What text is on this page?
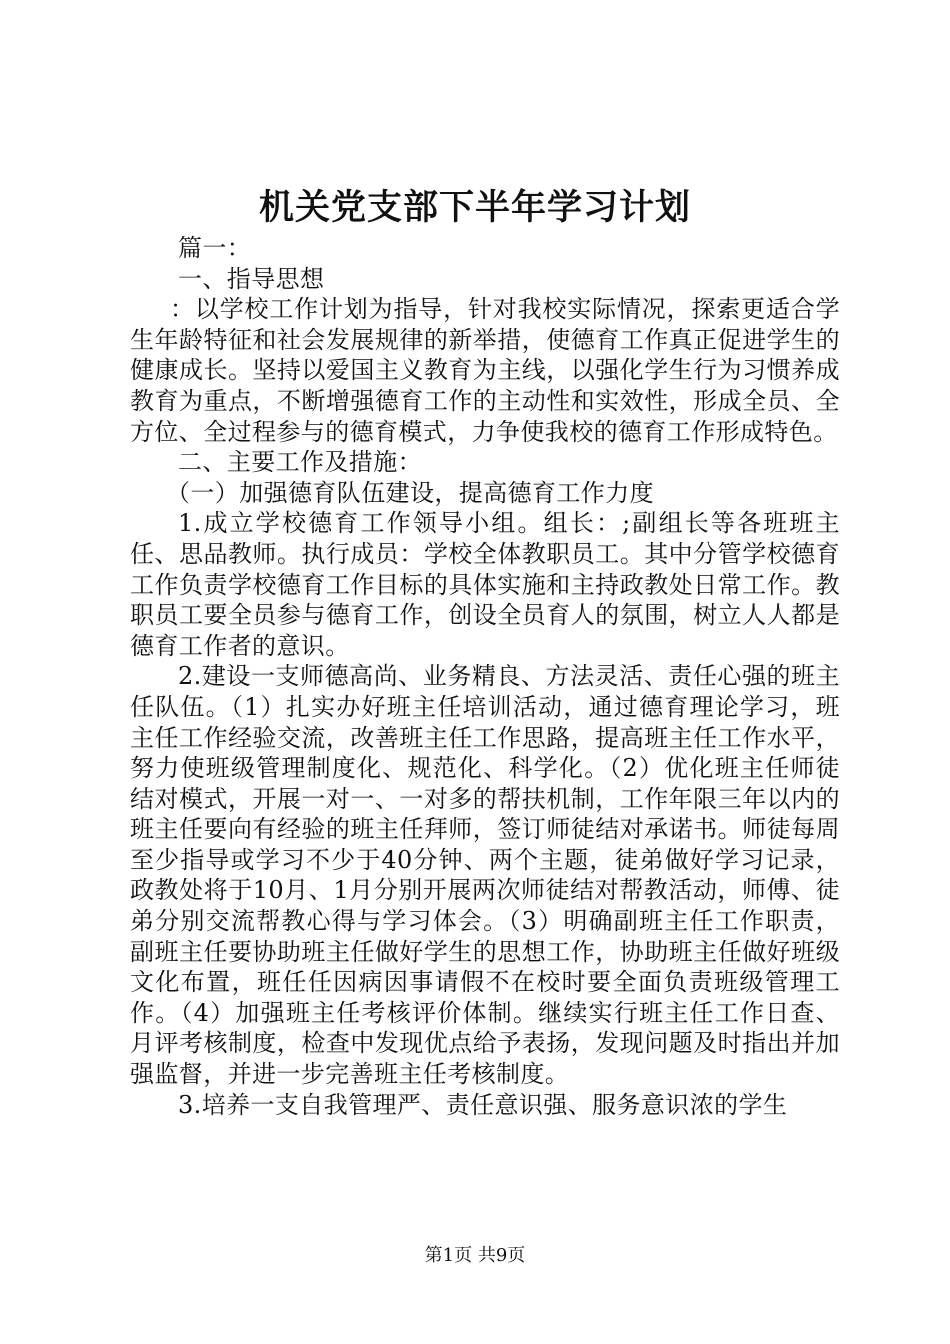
机关党支部下半年学习计划

篇一：

一、指导思想

：以学校工作计划为指导，针对我校实际情况，探索更适合学生年龄特征和社会发展规律的新举措，使德育工作真正促进学生的健康成长。坚持以爱国主义教育为主线，以强化学生行为习惯养成教育为重点，不断增强德育工作的主动性和实效性，形成全员、全方位、全过程参与的德育模式，力争使我校的德育工作形成特色。

二、主要工作及措施：

（一）加强德育队伍建设，提高德育工作力度

1.成立学校德育工作领导小组。组长：;副组长等各班班主任、思品教师。执行成员：学校全体教职员工。其中分管学校德育工作负责学校德育工作目标的具体实施和主持政教处日常工作。教职员工要全员参与德育工作，创设全员育人的氛围，树立人人都是德育工作者的意识。

2.建设一支师德高尚、业务精良、方法灵活、责任心强的班主任队伍。（1）扎实办好班主任培训活动，通过德育理论学习，班主任工作经验交流，改善班主任工作思路，提高班主任工作水平，努力使班级管理制度化、规范化、科学化。（2）优化班主任师徒结对模式，开展一对一、一对多的帮扶机制，工作年限三年以内的班主任要向有经验的班主任拜师，签订师徒结对承诺书。师徒每周至少指导或学习不少于40分钟、两个主题，徒弟做好学习记录，政教处将于10月、1月分别开展两次师徒结对帮教活动，师傅、徒弟分别交流帮教心得与学习体会。（3）明确副班主任工作职责，副班主任要协助班主任做好学生的思想工作，协助班主任做好班级文化布置，班任任因病因事请假不在校时要全面负责班级管理工作。（4）加强班主任考核评价体制。继续实行班主任工作日查、月评考核制度，检查中发现优点给予表扬，发现问题及时指出并加强监督，并进一步完善班主任考核制度。

3.培养一支自我管理严、责任意识强、服务意识浓的学生

第1页 共9页
